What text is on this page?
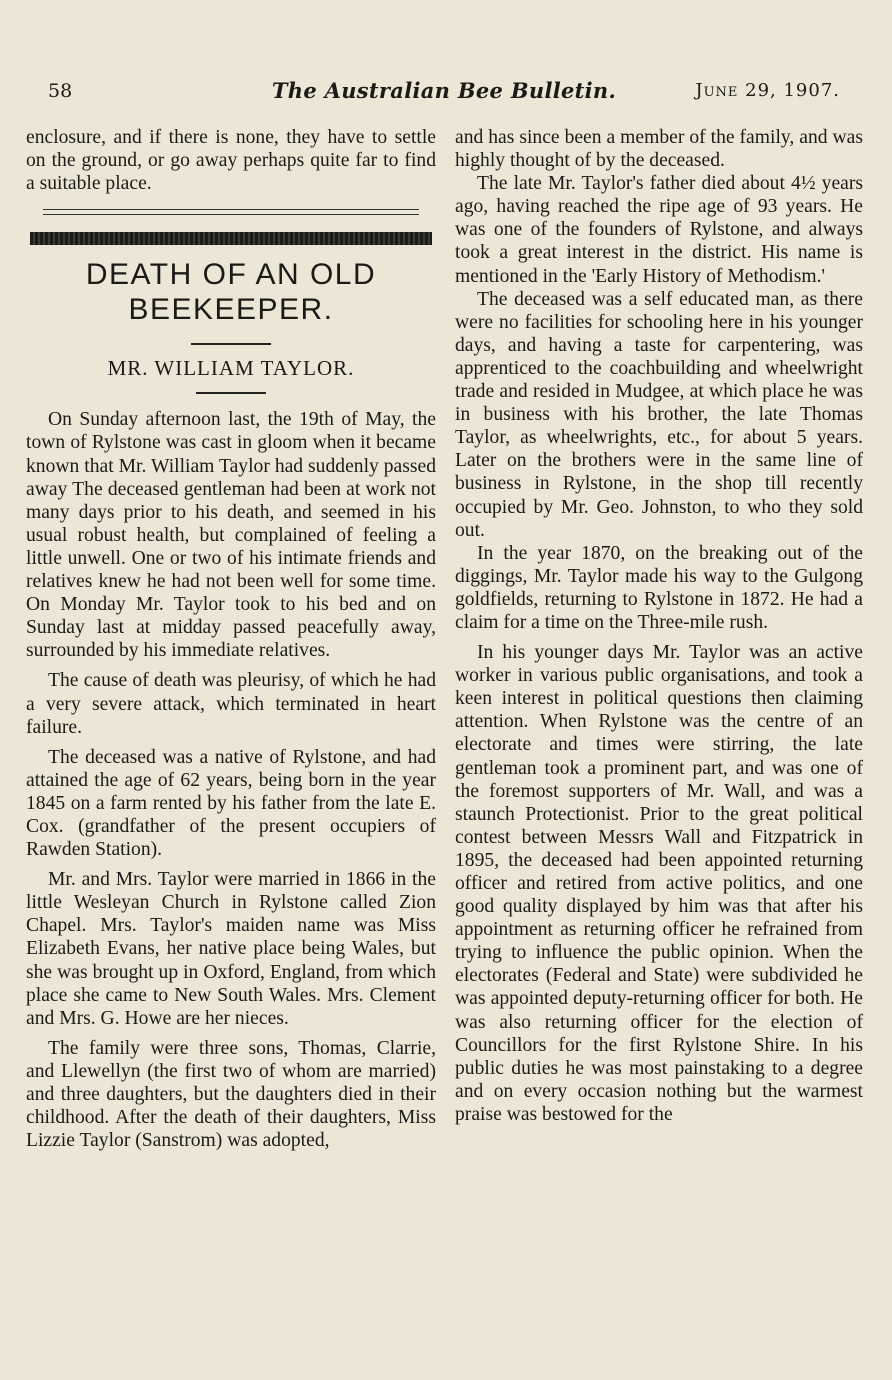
58	The Australian Bee Bulletin.	June 29, 1907.

enclosure, and if there is none, they have to settle on the ground, or go away perhaps quite far to find a suitable place.

DEATH OF AN OLD
BEEKEEPER.
MR. WILLIAM TAYLOR.

On Sunday afternoon last, the 19th of May, the town of Rylstone was cast in gloom when it became known that Mr. William Taylor had suddenly passed away The deceased gentleman had been at work not many days prior to his death, and seemed in his usual robust health, but complained of feeling a little unwell. One or two of his intimate friends and relatives knew he had not been well for some time. On Monday Mr. Taylor took to his bed and on Sunday last at midday passed peacefully away, surrounded by his immediate relatives.

The cause of death was pleurisy, of which he had a very severe attack, which terminated in heart failure.

The deceased was a native of Rylstone, and had attained the age of 62 years, being born in the year 1845 on a farm rented by his father from the late E. Cox. (grandfather of the present occupiers of Rawden Station).

Mr. and Mrs. Taylor were married in 1866 in the little Wesleyan Church in Rylstone called Zion Chapel. Mrs. Taylor's maiden name was Miss Elizabeth Evans, her native place being Wales, but she was brought up in Oxford, England, from which place she came to New South Wales. Mrs. Clement and Mrs. G. Howe are her nieces.

The family were three sons, Thomas, Clarrie, and Llewellyn (the first two of whom are married) and three daughters, but the daughters died in their childhood. After the death of their daughters, Miss Lizzie Taylor (Sanstrom) was adopted,

and has since been a member of the family, and was highly thought of by the deceased.

The late Mr. Taylor's father died about 4½ years ago, having reached the ripe age of 93 years. He was one of the founders of Rylstone, and always took a great interest in the district. His name is mentioned in the 'Early History of Methodism.'

The deceased was a self educated man, as there were no facilities for schooling here in his younger days, and having a taste for carpentering, was apprenticed to the coachbuilding and wheelwright trade and resided in Mudgee, at which place he was in business with his brother, the late Thomas Taylor, as wheelwrights, etc., for about 5 years. Later on the brothers were in the same line of business in Rylstone, in the shop till recently occupied by Mr. Geo. Johnston, to who they sold out.

In the year 1870, on the breaking out of the diggings, Mr. Taylor made his way to the Gulgong goldfields, returning to Rylstone in 1872. He had a claim for a time on the Three-mile rush.

In his younger days Mr. Taylor was an active worker in various public organisations, and took a keen interest in political questions then claiming attention. When Rylstone was the centre of an electorate and times were stirring, the late gentleman took a prominent part, and was one of the foremost supporters of Mr. Wall, and was a staunch Protectionist. Prior to the great political contest between Messrs Wall and Fitzpatrick in 1895, the deceased had been appointed returning officer and retired from active politics, and one good quality displayed by him was that after his appointment as returning officer he refrained from trying to influence the public opinion. When the electorates (Federal and State) were subdivided he was appointed deputy-returning officer for both. He was also returning officer for the election of Councillors for the first Rylstone Shire. In his public duties he was most painstaking to a degree and on every occasion nothing but the warmest praise was bestowed for the
